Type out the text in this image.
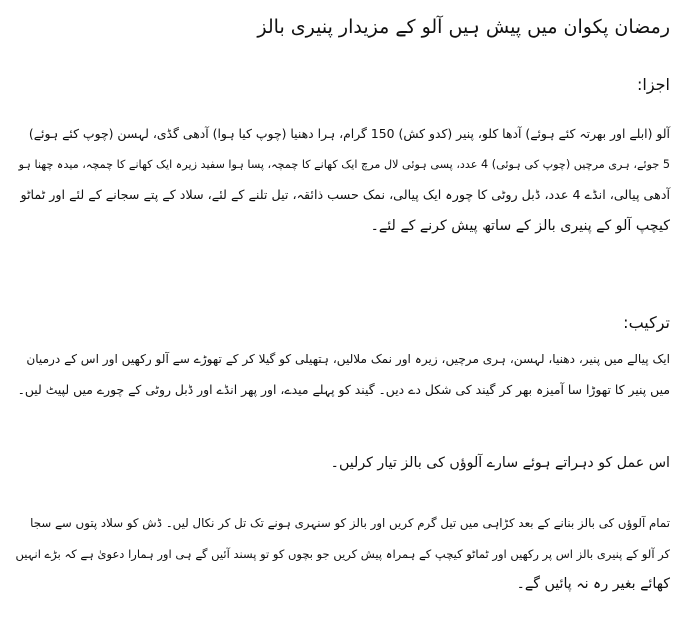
رمضان پکوان میں پیش ہیں آلو کے مزیدار پنیری بالز
اجزا:

آلو (ابلے اور بھرتہ کئے ہوئے) آدھا کلو، پنیر (کدو کش) 150 گرام، ہرا دھنیا (چوپ کیا ہوا) آدھی گڈی، لہسن (چوپ کئے ہوئے)
5 جوئے، ہری مرچیں (چوپ کی ہوئی) 4 عدد، پسی ہوئی لال مرچ ایک کھانے کا چمچہ، پسا ہوا سفید زیرہ ایک کھانے کا چمچہ، میدہ چھنا ہو
آدھی پیالی، انڈے 4 عدد، ڈبل روٹی کا چورہ ایک پیالی، نمک حسب ذائقہ، تیل تلنے کے لئے، سلاد کے پتے سجانے کے لئے اور ٹماٹو
کیچپ آلو کے پنیری بالز کے ساتھ پیش کرنے کے لئے۔

ترکیب:

ایک پیالے میں پنیر، دھنیا، لہسن، ہری مرچیں، زیرہ اور نمک ملالیں، ہتھیلی کو گیلا کر کے تھوڑے سے آلو رکھیں اور اس کے درمیان
میں پنیر کا تھوڑا سا آمیزہ بھر کر گیند کی شکل دے دیں۔ گیند کو پہلے میدے، اور پھر انڈے اور ڈبل روٹی کے چورے میں لپیٹ لیں۔

اس عمل کو دہراتے ہوئے سارے آلوؤں کی بالز تیار کرلیں۔

تمام آلوؤں کی بالز بنانے کے بعد کڑاہی میں تیل گرم کریں اور بالز کو سنہری ہونے تک تل کر نکال لیں۔ ڈش کو سلاد پتوں سے سجا
کر آلو کے پنیری بالز اس پر رکھیں اور ٹماٹو کیچپ کے ہمراہ پیش کریں جو بچوں کو تو پسند آئیں گے ہی اور ہمارا دعویٰ ہے کہ بڑے انہیں
کھائے بغیر رہ نہ پائیں گے۔
